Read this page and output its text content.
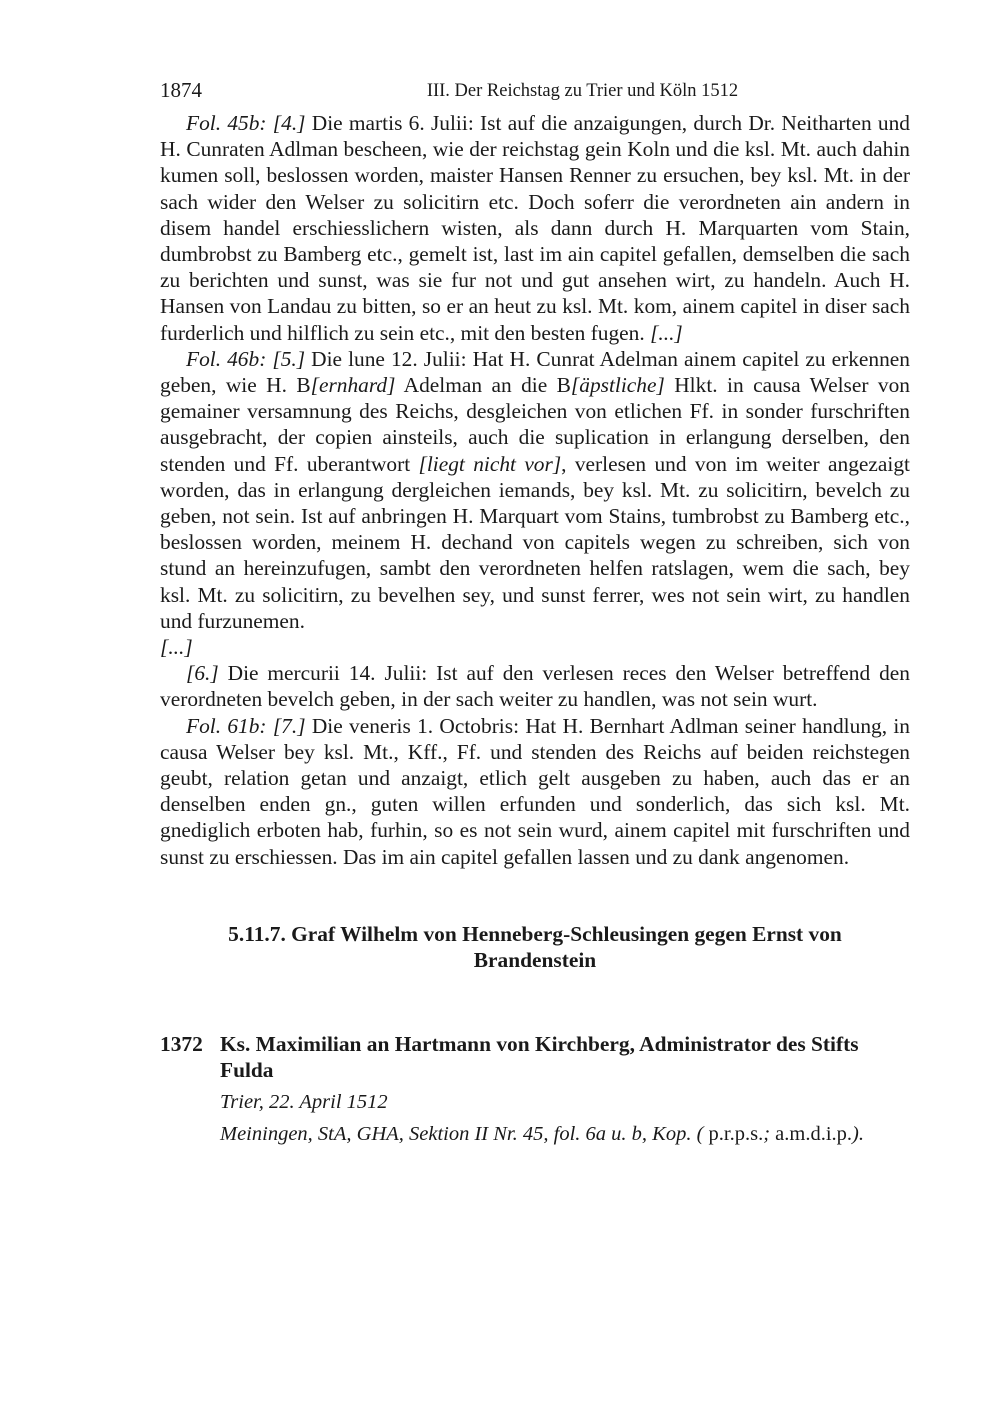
1874	III. Der Reichstag zu Trier und Köln 1512

Fol. 45b: [4.] Die martis 6. Julii: Ist auf die anzaigungen, durch Dr. Neitharten und H. Cunraten Adlman bescheen, wie der reichstag gein Koln und die ksl. Mt. auch dahin kumen soll, beslossen worden, maister Hansen Renner zu ersuchen, bey ksl. Mt. in der sach wider den Welser zu solicitirn etc. Doch soferr die verordneten ain andern in disem handel erschiesslichern wisten, als dann durch H. Marquarten vom Stain, dumbrobst zu Bamberg etc., gemelt ist, last im ain capitel gefallen, demselben die sach zu berichten und sunst, was sie fur not und gut ansehen wirt, zu handeln. Auch H. Hansen von Landau zu bitten, so er an heut zu ksl. Mt. kom, ainem capitel in diser sach furderlich und hilflich zu sein etc., mit den besten fugen. [...]

Fol. 46b: [5.] Die lune 12. Julii: Hat H. Cunrat Adelman ainem capitel zu erkennen geben, wie H. B[ernhard] Adelman an die B[äpstliche] Hlkt. in causa Welser von gemainer versamnung des Reichs, desgleichen von etlichen Ff. in sonder furschriften ausgebracht, der copien ainsteils, auch die suplication in erlangung derselben, den stenden und Ff. uberantwort [liegt nicht vor], verlesen und von im weiter angezaigt worden, das in erlangung dergleichen iemands, bey ksl. Mt. zu solicitirn, bevelch zu geben, not sein. Ist auf anbringen H. Marquart vom Stains, tumbrobst zu Bamberg etc., beslossen worden, meinem H. dechand von capitels wegen zu schreiben, sich von stund an hereinzufugen, sambt den verordneten helfen ratslagen, wem die sach, bey ksl. Mt. zu solicitirn, zu bevelhen sey, und sunst ferrer, wes not sein wirt, zu handlen und furzunemen.

[...]

[6.] Die mercurii 14. Julii: Ist auf den verlesen reces den Welser betreffend den verordneten bevelch geben, in der sach weiter zu handlen, was not sein wurt.

Fol. 61b: [7.] Die veneris 1. Octobris: Hat H. Bernhart Adlman seiner handlung, in causa Welser bey ksl. Mt., Kff., Ff. und stenden des Reichs auf beiden reichstegen geubt, relation getan und anzaigt, etlich gelt ausgeben zu haben, auch das er an denselben enden gn., guten willen erfunden und sonderlich, das sich ksl. Mt. gnediglich erboten hab, furhin, so es not sein wurd, ainem capitel mit furschriften und sunst zu erschiessen. Das im ain capitel gefallen lassen und zu dank angenomen.

5.11.7. Graf Wilhelm von Henneberg-Schleusingen gegen Ernst von
Brandenstein
1372 Ks. Maximilian an Hartmann von Kirchberg, Administrator des Stifts Fulda
Trier, 22. April 1512
Meiningen, StA, GHA, Sektion II Nr. 45, fol. 6a u. b, Kop. ( p.r.p.s.; a.m.d.i.p.).
